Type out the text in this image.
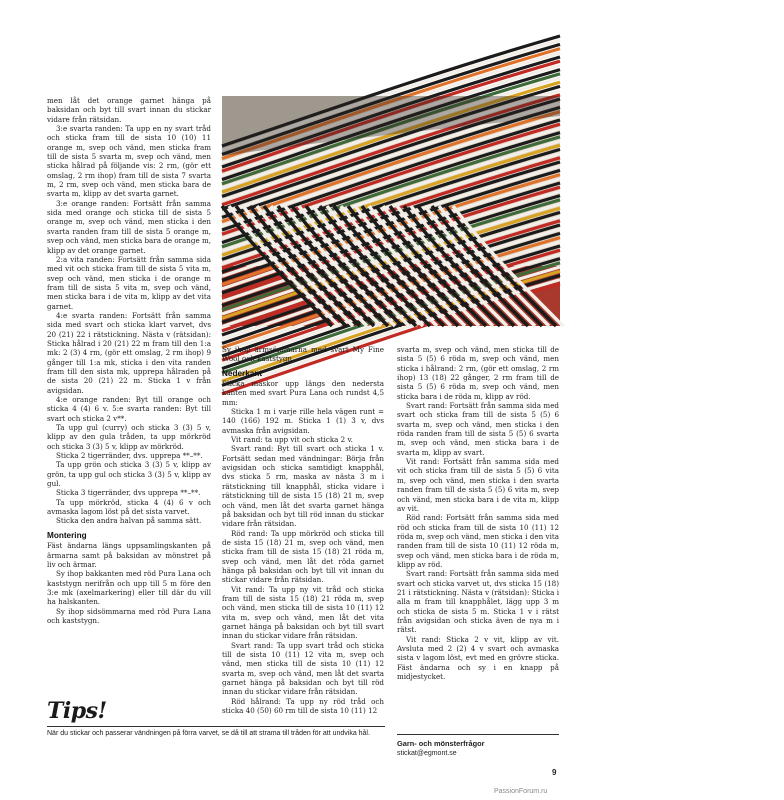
men låt det orange garnet hänga på baksidan och byt till svart innan du stickar vidare från rätsidan.

3:e svarta randen: Ta upp en ny svart tråd och sticka fram till de sista 10 (10) 11 orange m, svep och vänd, men sticka fram till de sista 5 svarta m, svep och vänd, men sticka hålrad på följande vis: 2 rm, (gör ett omslag, 2 rm ihop) fram till de sista 7 svarta m, 2 rm, svep och vänd, men sticka bara de svarta m, klipp av det svarta garnet.

3:e orange randen: Fortsätt från samma sida med orange och sticka till de sista 5 orange m, svep och vänd, men sticka i den svarta randen fram till de sista 5 orange m, svep och vänd, men sticka bara de orange m, klipp av det orange garnet.

2:a vita randen: Fortsätt från samma sida med vit och sticka fram till de sista 5 vita m, svep och vänd, men sticka i de orange m fram till de sista 5 vita m, svep och vänd, men sticka bara i de vita m, klipp av det vita garnet.

4:e svarta randen: Fortsätt från samma sida med svart och sticka klart varvet, dvs 20 (21) 22 i rätstickning. Nästa v (rätsidan): Sticka hålrad i 20 (21) 22 m fram till den 1:a mk: 2 (3) 4 rm, (gör ett omslag, 2 rm ihop) 9 gånger till 1:a mk, sticka i den vita randen fram till den sista mk, upprepa hålraden på de sista 20 (21) 22 m. Sticka 1 v från avigsidan.

4:e orange randen: Byt till orange och sticka 4 (4) 6 v. 5:e svarta randen: Byt till svart och sticka 2 v**.

Ta upp gul (curry) och sticka 3 (3) 5 v, klipp av den gula tråden, ta upp mörkröd och sticka 3 (3) 5 v, klipp av mörkröd.

Sticka 2 tigerränder, dvs. upprepa **–**.

Ta upp grön och sticka 3 (3) 5 v, klipp av grön, ta upp gul och sticka 3 (3) 5 v, klipp av gul.

Sticka 3 tigerränder, dvs upprepa **–**.

Ta upp mörkröd, sticka 4 (4) 6 v och avmaska lagom löst på det sista varvet.

Sticka den andra halvan på samma sätt.

Montering

Fäst ändarna längs uppsamlingskanten på ärmarna samt på baksidan av mönstret på liv och ärmar.

Sy ihop bakkanten med röd Pura Lana och kaststygn nerifrån och upp till 5 m före den 3:e mk (axelmarkering) eller till där du vill ha halskanten.

Sy ihop sidsömmarna med röd Pura Lana och kaststygn.

Tekniken med korta varv skapar en spännande effekt.

Sy ihop ärmsömmarna med svart My Fine Wool och kaststygn.

Nederkant

Sticka maskor upp längs den nedersta kanten med svart Pura Lana och rundst 4,5 mm:

Sticka 1 m i varje rille hela vägen runt = 140 (166) 192 m. Sticka 1 (1) 3 v, dvs avmaska från avigsidan.

Vit rand: ta upp vit och sticka 2 v.

Svart rand: Byt till svart och sticka 1 v. Fortsätt sedan med vändningar: Börja från avigsidan och sticka samtidigt knapphål, dvs sticka 5 rm, maska av nästa 3 m i rätstickning till knapphål, sticka vidare i rätstickning till de sista 15 (18) 21 m, svep och vänd, men låt det svarta garnet hänga på baksidan och byt till röd innan du stickar vidare från rätsidan.

Röd rand: Ta upp mörkröd och sticka till de sista 15 (18) 21 m, svep och vänd, men sticka fram till de sista 15 (18) 21 röda m, svep och vänd, men låt det röda garnet hänga på baksidan och byt till vit innan du stickar vidare från rätsidan.

Vit rand: Ta upp ny vit tråd och sticka fram till de sista 15 (18) 21 röda m, svep och vänd, men sticka till de sista 10 (11) 12 vita m, svep och vänd, men låt det vita garnet hänga på baksidan och byt till svart innan du stickar vidare från rätsidan.

Svart rand: Ta upp svart tråd och sticka till de sista 10 (11) 12 vita m, svep och vänd, men sticka till de sista 10 (11) 12 svarta m, svep och vänd, men låt det svarta garnet hänga på baksidan och byt till röd innan du stickar vidare från rätsidan.

Röd hålrand: Ta upp ny röd tråd och sticka 40 (50) 60 rm till de sista 10 (11) 12

svarta m, svep och vänd, men sticka till de sista 5 (5) 6 röda m, svep och vänd, men sticka i hålrand: 2 rm, (gör ett omslag, 2 rm ihop) 13 (18) 22 gånger, 2 rm fram till de sista 5 (5) 6 röda m, svep och vänd, men sticka bara i de röda m, klipp av röd.

Svart rand: Fortsätt från samma sida med svart och sticka fram till de sista 5 (5) 6 svarta m, svep och vänd, men sticka i den röda randen fram till de sista 5 (5) 6 svarta m, svep och vänd, men sticka bara i de svarta m, klipp av svart.

Vit rand: Fortsätt från samma sida med vit och sticka fram till de sista 5 (5) 6 vita m, svep och vänd, men sticka i den svarta randen fram till de sista 5 (5) 6 vita m, svep och vänd, men sticka bara i de vita m, klipp av vit.

Röd rand: Fortsätt från samma sida med röd och sticka fram till de sista 10 (11) 12 röda m, svep och vänd, men sticka i den vita randen fram till de sista 10 (11) 12 röda m, svep och vänd, men sticka bara i de röda m, klipp av röd.

Svart rand: Fortsätt från samma sida med svart och sticka varvet ut, dvs sticka 15 (18) 21 i rätstickning. Nästa v (rätsidan): Sticka i alla m fram till knapphålet, lägg upp 3 m och sticka de sista 5 m. Sticka 1 v i rätst från avigsidan och sticka även de nya m i rätst.

Vit rand: Sticka 2 v vit, klipp av vit. Avsluta med 2 (2) 4 v svart och avmaska sista v lagom löst, evt med en grövre sticka. Fäst ändarna och sy i en knapp på midjestycket.

Tips!
När du stickar och passerar vändningen på förra varvet, se då till att strama till tråden för att undvika hål.
Garn- och mönsterfrågor
stickat@egmont.se
9
PassionForum.ru
